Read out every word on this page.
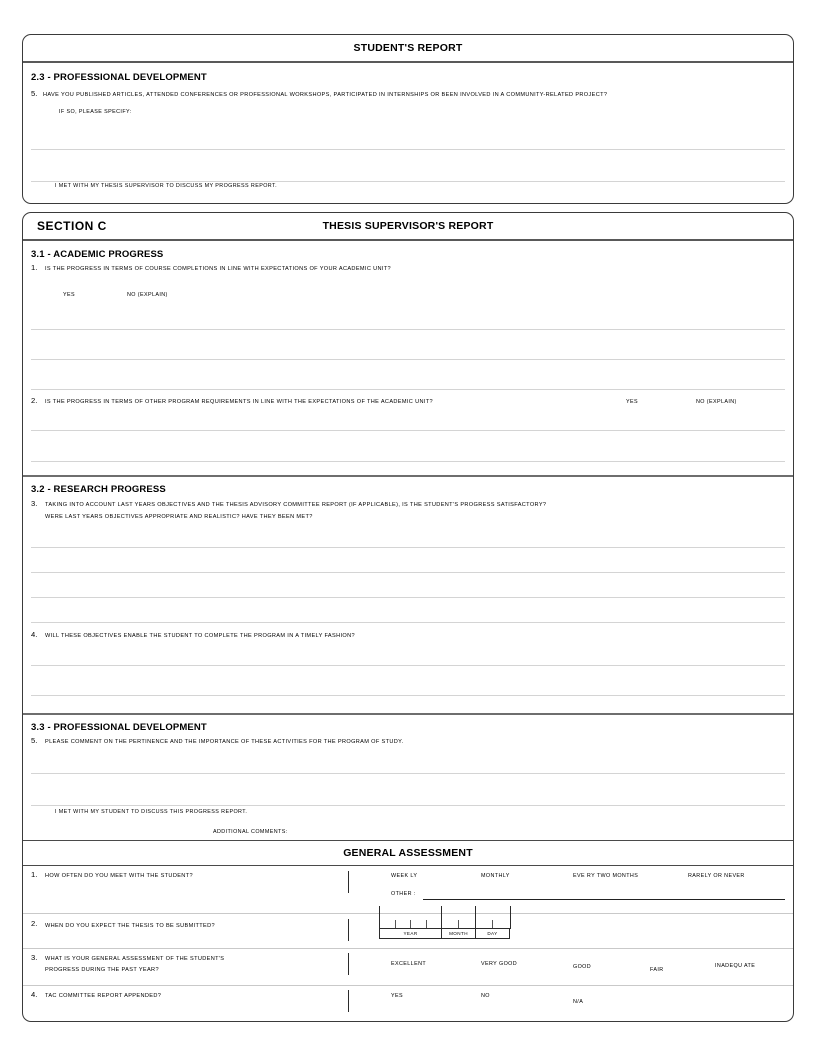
STUDENT'S REPORT
2.3 - PROFESSIONAL DEVELOPMENT
5. HAVE YOU PUBLISHED ARTICLES, ATTENDED CONFERENCES OR PROFESSIONAL WORKSHOPS, PARTICIPATED IN INTERNSHIPS OR BEEN INVOLVED IN A COMMUNITY-RELATED PROJECT?
IF SO, PLEASE SPECIFY:
I MET WITH MY THESIS SUPERVISOR TO DISCUSS MY PROGRESS REPORT.
SECTION C	THESIS SUPERVISOR'S REPORT
3.1 - ACADEMIC PROGRESS
1. IS THE PROGRESS IN TERMS OF COURSE COMPLETIONS IN LINE WITH EXPECTATIONS OF YOUR ACADEMIC UNIT?
YES	NO (EXPLAIN)
2. IS THE PROGRESS IN TERMS OF OTHER PROGRAM REQUIREMENTS IN LINE WITH THE EXPECTATIONS OF THE ACADEMIC UNIT?	YES	NO (EXPLAIN)
3.2 - RESEARCH PROGRESS
3. TAKING INTO ACCOUNT LAST YEARS OBJECTIVES AND THE THESIS ADVISORY COMMITTEE REPORT (IF APPLICABLE), IS THE STUDENT'S PROGRESS SATISFACTORY?
WERE LAST YEARS OBJECTIVES APPROPRIATE AND REALISTIC? HAVE THEY BEEN MET?
4. WILL THESE OBJECTIVES ENABLE THE STUDENT TO COMPLETE THE PROGRAM IN A TIMELY FASHION?
3.3 - PROFESSIONAL DEVELOPMENT
5. PLEASE COMMENT ON THE PERTINENCE AND THE IMPORTANCE OF THESE ACTIVITIES FOR THE PROGRAM OF STUDY.
I MET WITH MY STUDENT TO DISCUSS THIS PROGRESS REPORT.
ADDITIONAL COMMENTS:
GENERAL ASSESSMENT
1. HOW OFTEN DO YOU MEET WITH THE STUDENT?	WEEK LY	MONTHLY	EVE RY TWO MONTHS	RARELY OR NEVER
OTHER :
2. WHEN DO YOU EXPECT THE THESIS TO BE SUBMITTED?
YEAR	MONTH	DAY
3. WHAT IS YOUR GENERAL ASSESSMENT OF THE STUDENT'S
PROGRESS DURING THE PAST YEAR?
EXCELLENT	VERY GOOD	GOOD	FAIR
INADEQU ATE
4. TAC COMMITTEE REPORT APPENDED?	YES	NO
N/A
